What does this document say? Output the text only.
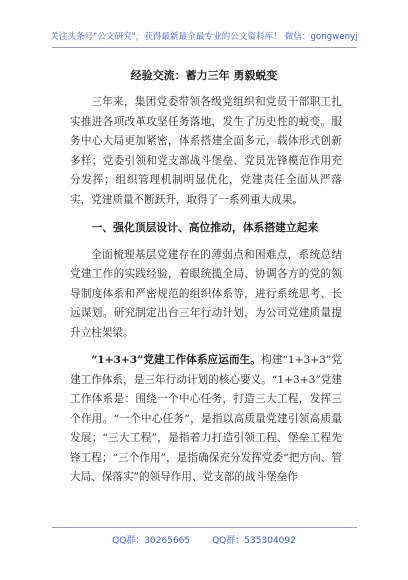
关注头条号"公文研究"，获得最新最全最专业的公文资料库！ 微信：gongwenyj
经验交流：蓄力三年 勇毅蜕变

三年来，集团党委带领各级党组织和党员干部职工扎实推进各项改革攻坚任务落地，发生了历史性的蜕变。服务中心大局更加紧密，体系搭建全面多元，载体形式创新多样；党委引领和党支部战斗堡垒、党员先锋模范作用充分发挥；组织管理机制明显优化，党建责任全面从严落实，党建质量不断跃升，取得了一系列重大成果。

一、强化顶层设计、高位推动，体系搭建立起来

全面梳理基层党建存在的薄弱点和困难点，系统总结党建工作的实践经验，着眼统揽全局、协调各方的党的领导制度体系和严密规范的组织体系等，进行系统思考、长远谋划。研究制定出台三年行动计划，为公司党建质量提升立柱架梁。

“1+3+3”党建工作体系应运而生。构建“1+3+3”党建工作体系，是三年行动计划的核心要义。“1+3+3”党建工作体系是：围绕一个中心任务，打造三大工程，发挥三个作用。“一个中心任务”，是指以高质量党建引领高质量发展；“三大工程”，是指着力打造引领工程、堡垒工程先锋工程；“三个作用”，是指确保充分发挥党委“把方向、管大局、保落实”的领导作用、党支部的战斗堡垒作

QQ群：30265665 QQ群：535304092
